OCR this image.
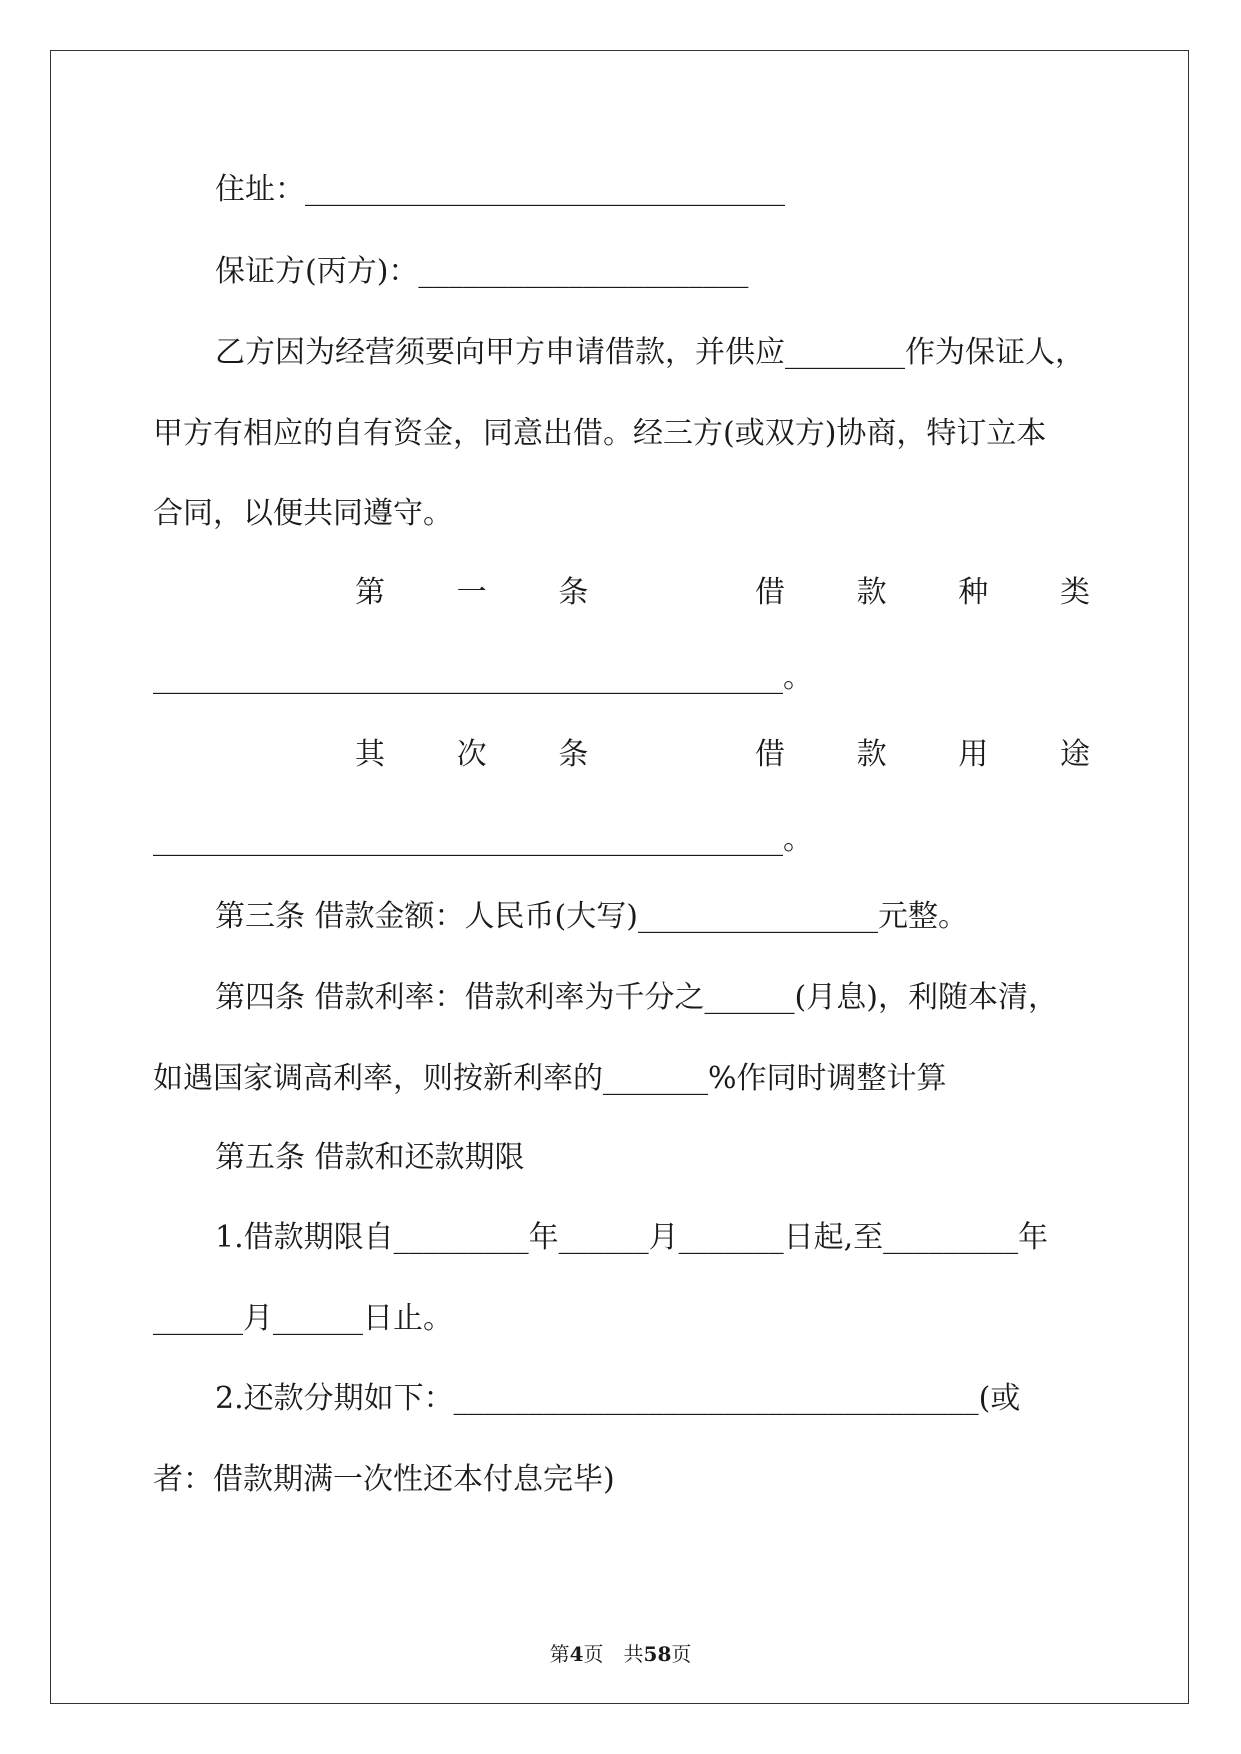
住址：________________________________
保证方(丙方)：______________________
乙方因为经营须要向甲方申请借款，并供应________作为保证人，
甲方有相应的自有资金，同意出借。经三方(或双方)协商，特订立本
合同，以便共同遵守。
第 一 条	借 款 种 类
__________________________________________。
其 次 条	借 款 用 途
__________________________________________。
第三条 借款金额：人民币(大写)________________元整。
第四条 借款利率：借款利率为千分之______(月息)，利随本清，
如遇国家调高利率，则按新利率的_______%作同时调整计算
第五条 借款和还款期限
1.借款期限自_________年______月_______日起,至_________年
______月______日止。
2.还款分期如下：___________________________________(或
者：借款期满一次性还本付息完毕)
第4页　共58页
